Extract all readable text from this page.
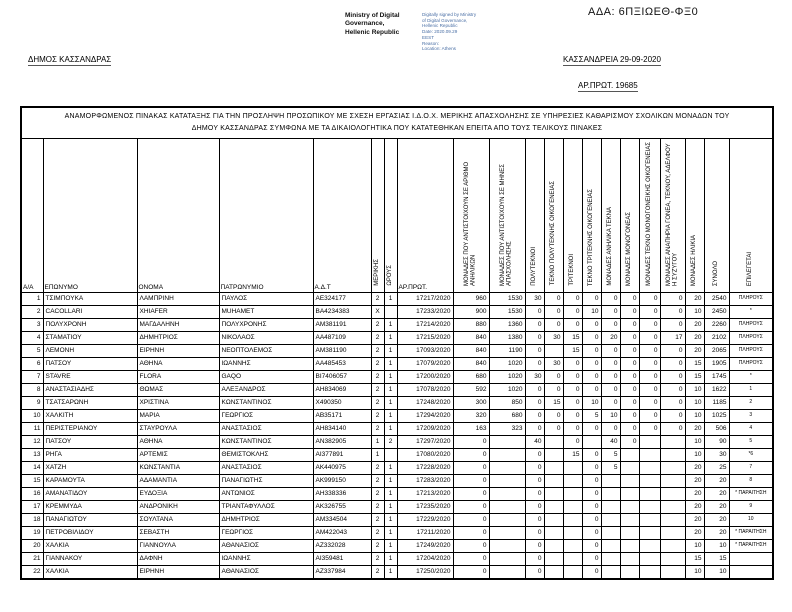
ΑΔΑ: 6ΠΞΙΩΕΘ-ΦΞ0
Ministry of Digital
Governance,
Hellenic Republic
Digitally signed by Ministry
of Digital Governance,
Hellenic Republic
Date: 2020.09.29
EEST
Reason:
Location: Athens
ΔΗΜΟΣ ΚΑΣΣΑΝΔΡΑΣ	ΚΑΣΣΑΝΔΡΕΙΑ 29-09-2020
ΑΡ.ΠΡΩΤ. 19685
ΑΝΑΜΟΡΦΩΜΕΝΟΣ ΠΙΝΑΚΑΣ ΚΑΤΑΤΑΞΗΣ ΓΙΑ ΤΗΝ ΠΡΟΣΛΗΨΗ ΠΡΟΣΩΠΙΚΟΥ ΜΕ ΣΧΕΣΗ ΕΡΓΑΣΙΑΣ Ι.Δ.Ο.Χ. ΜΕΡΙΚΗΣ ΑΠΑΣΧΟΛΗΣΗΣ ΣΕ ΥΠΗΡΕΣΙΕΣ ΚΑΘΑΡΙΣΜΟΥ ΣΧΟΛΙΚΩΝ ΜΟΝΑΔΩΝ ΤΟΥ
ΔΗΜΟΥ ΚΑΣΣΑΝΔΡΑΣ ΣΥΜΦΩΝΑ ΜΕ ΤΑ ΔΙΚΑΙΟΛΟΓΗΤΙΚΑ ΠΟΥ ΚΑΤΑΤΕΘΗΚΑΝ ΕΠΕΙΤΑ ΑΠΟ ΤΟΥΣ ΤΕΛΙΚΟΥΣ ΠΙΝΑΚΕΣ																				

Α/Α	ΕΠΩΝΥΜΟ	ΟΝΟΜΑ	ΠΑΤΡΩΝΥΜΙΟ	Α.Δ.Τ	ΜΕΡΙΚΗΣ	ΩΡΟΥΣ	ΑΡ.ΠΡΩΤ.	ΜΟΝΑΔΕΣ ΠΟΥ ΑΝΤΙΣΤΟΙΧΟΥΝ ΣΕ ΑΡΙΘΜΟ ΑΝΗΛΙΚΩΝ	ΜΟΝΑΔΕΣ ΠΟΥ ΑΝΤΙΣΤΟΙΧΟΥΝ ΣΕ ΜΗΝΕΣ ΑΠΑΣΧΟΛΗΣΗΣ	ΠΟΛΥΤΕΚΝΟΙ	ΤΕΚΝΟ ΠΟΛΥΤΕΚΝΗΣ ΟΙΚΟΓΕΝΕΙΑΣ	ΤΡΙΤΕΚΝΟΙ	ΤΕΚΝΟ ΤΡΙΤΕΚΝΗΣ ΟΙΚΟΓΕΝΕΙΑΣ	ΜΟΝΑΔΕΣ ΑΝΗΛΙΚΑ ΤΕΚΝΑ	ΜΟΝΑΔΕΣ ΜΟΝΟΓΟΝΕΑΣ	ΜΟΝΑΔΕΣ ΤΕΚΝΟ ΜΟΝΟΓΟΝΕΙΚΗΣ ΟΙΚΟΓΕΝΕΙΑΣ	ΜΟΝΑΔΕΣ ΑΝΑΠΗΡΙΑ ΓΟΝΕΑ, ΤΕΚΝΟΥ, ΑΔΕΛΦΟΥ Η ΣΥΖΥΓΟΥ	ΜΟΝΑΔΕΣ ΗΛΙΚΙΑ	ΣΥΝΟΛΟ	ΕΠΙΛΕΓΕΤΑΙ
1	ΤΣΙΜΠΟΥΚΑ	ΛΑΜΠΡΙΝΗ	ΠΑΥΛΟΣ	ΑΕ324177	2	1	17217/2020	960	1530	30	0	0	0	0	0	0	0	20	2540	ΠΛΗΡΟΥΣ
2	CACOLLARI	XHIAFER	MUHAMET	ΒΑ4234383	Χ		17233/2020	900	1530	0	0	0	10	0	0	0	0	10	2450	*
3	ΠΟΛΥΧΡΟΝΗ	ΜΑΓΔΑΛΗΝΗ	ΠΟΛΥΧΡΟΝΗΣ	ΑΜ381191	2	1	17214/2020	880	1360	0	0	0	0	0	0	0	0	20	2260	ΠΛΗΡΟΥΣ
4	ΣΤΑΜΑΤΙΟΥ	ΔΗΜΗΤΡΙΟΣ	ΝΙΚΟΛΑΟΣ	ΑΑ487109	2	1	17215/2020	840	1380	0	30	15	0	20	0	0	17	20	2102	ΠΛΗΡΟΥΣ
5	ΛΕΜΟΝΗ	ΕΙΡΗΝΗ	ΝΕΟΠΤΟΛΕΜΟΣ	ΑΜ381190	2	1	17093/2020	840	1190	0		15	0	0	0	0	0	20	2065	ΠΛΗΡΟΥΣ
6	ΠΑΤΣΟΥ	ΑΘΗΝΑ	ΙΩΑΝΝΗΣ	ΑΑ485453	2	1	17079/2020	840	1020	0	30	0	0	0	0	0	0	15	1905	ΠΛΗΡΟΥΣ
7	STAVRE	FLORA	GAQO	ΒΙ7406057	2	1	17200/2020	680	1020	30	0	0	0	0	0	0	0	15	1745	*
8	ΑΝΑΣΤΑΣΙΑΔΗΣ	ΘΩΜΑΣ	ΑΛΕΞΑΝΔΡΟΣ	ΑΗ834069	2	1	17078/2020	592	1020	0	0	0	0	0	0	0	0	10	1622	1
9	ΤΣΑΤΣΑΡΩΝΗ	ΧΡΙΣΤΙΝΑ	ΚΩΝΣΤΑΝΤΙΝΟΣ	Χ490350	2	1	17248/2020	300	850	0	15	0	10	0	0	0	0	10	1185	2
10	ΧΑΛΚΙΤΗ	ΜΑΡΙΑ	ΓΕΩΡΓΙΟΣ	ΑΒ35171	2	1	17294/2020	320	680	0	0	0	5	10	0	0	0	10	1025	3
11	ΠΕΡΙΣΤΕΡΙΑΝΟΥ	ΣΤΑΥΡΟΥΛΑ	ΑΝΑΣΤΑΣΙΟΣ	ΑΗ834140	2	1	17209/2020	163	323	0	0	0	0	0	0	0	0	20	506	4
12	ΠΑΤΣΟΥ	ΑΘΗΝΑ	ΚΩΝΣΤΑΝΤΙΝΟΣ	ΑΝ382905	1	2	17297/2020	0		40		0		40	0			10	90	5
13	ΡΗΓΑ	ΑΡΤΕΜΙΣ	ΘΕΜΙΣΤΟΚΛΗΣ	ΑΙ377891	1		17080/2020	0		0		15	0	5				10	30	*6
14	ΧΑΤΖΗ	ΚΩΝΣΤΑΝΤΙΑ	ΑΝΑΣΤΑΣΙΟΣ	ΑΚ440975	2	1	17228/2020	0		0			0	5				20	25	7
15	ΚΑΡΑΜΟΥΤΑ	ΑΔΑΜΑΝΤΙΑ	ΠΑΝΑΓΙΩΤΗΣ	ΑΚ999150	2	1	17283/2020	0		0			0					20	20	8
16	ΑΜΑΝΑΤΙΔΟΥ	ΕΥΔΟΞΙΑ	ΑΝΤΩΝΙΟΣ	ΑΗ338336	2	1	17213/2020	0		0			0					20	20	* ΠΑΡΑΙΤΗΣΗ
17	ΚΡΕΜΜΥΔΑ	ΑΝΔΡΟΝΙΚΗ	ΤΡΙΑΝΤΑΦΥΛΛΟΣ	ΑΚ326755	2	1	17235/2020	0		0			0					20	20	9
18	ΠΑΝΑΓΙΩΤΟΥ	ΣΟΥΛΤΑΝΑ	ΔΗΜΗΤΡΙΟΣ	ΑΜ334504	2	1	17229/2020	0		0			0					20	20	10
19	ΠΕΤΡΟΒΙΛΙΔΟΥ	ΣΕΒΑΣΤΗ	ΓΕΩΡΓΙΟΣ	ΑΜ422043	2	1	17211/2020	0		0			0					20	20	* ΠΑΡΑΙΤΗΣΗ
20	ΧΑΛΚΙΑ	ΓΙΑΝΝΟΥΛΑ	ΑΘΑΝΑΣΙΟΣ	ΑΖ332028	2	1	17249/2020	0		0			0					10	10	* ΠΑΡΑΙΤΗΣΗ
21	ΓΙΑΝΝΑΚΟΥ	ΔΑΦΝΗ	ΙΩΑΝΝΗΣ	ΑΙ359481	2	1	17204/2020	0		0			0					15	15	
22	ΧΑΛΚΙΑ	ΕΙΡΗΝΗ	ΑΘΑΝΑΣΙΟΣ	ΑΖ337984	2	1	17250/2020	0		0			0					10	10	
